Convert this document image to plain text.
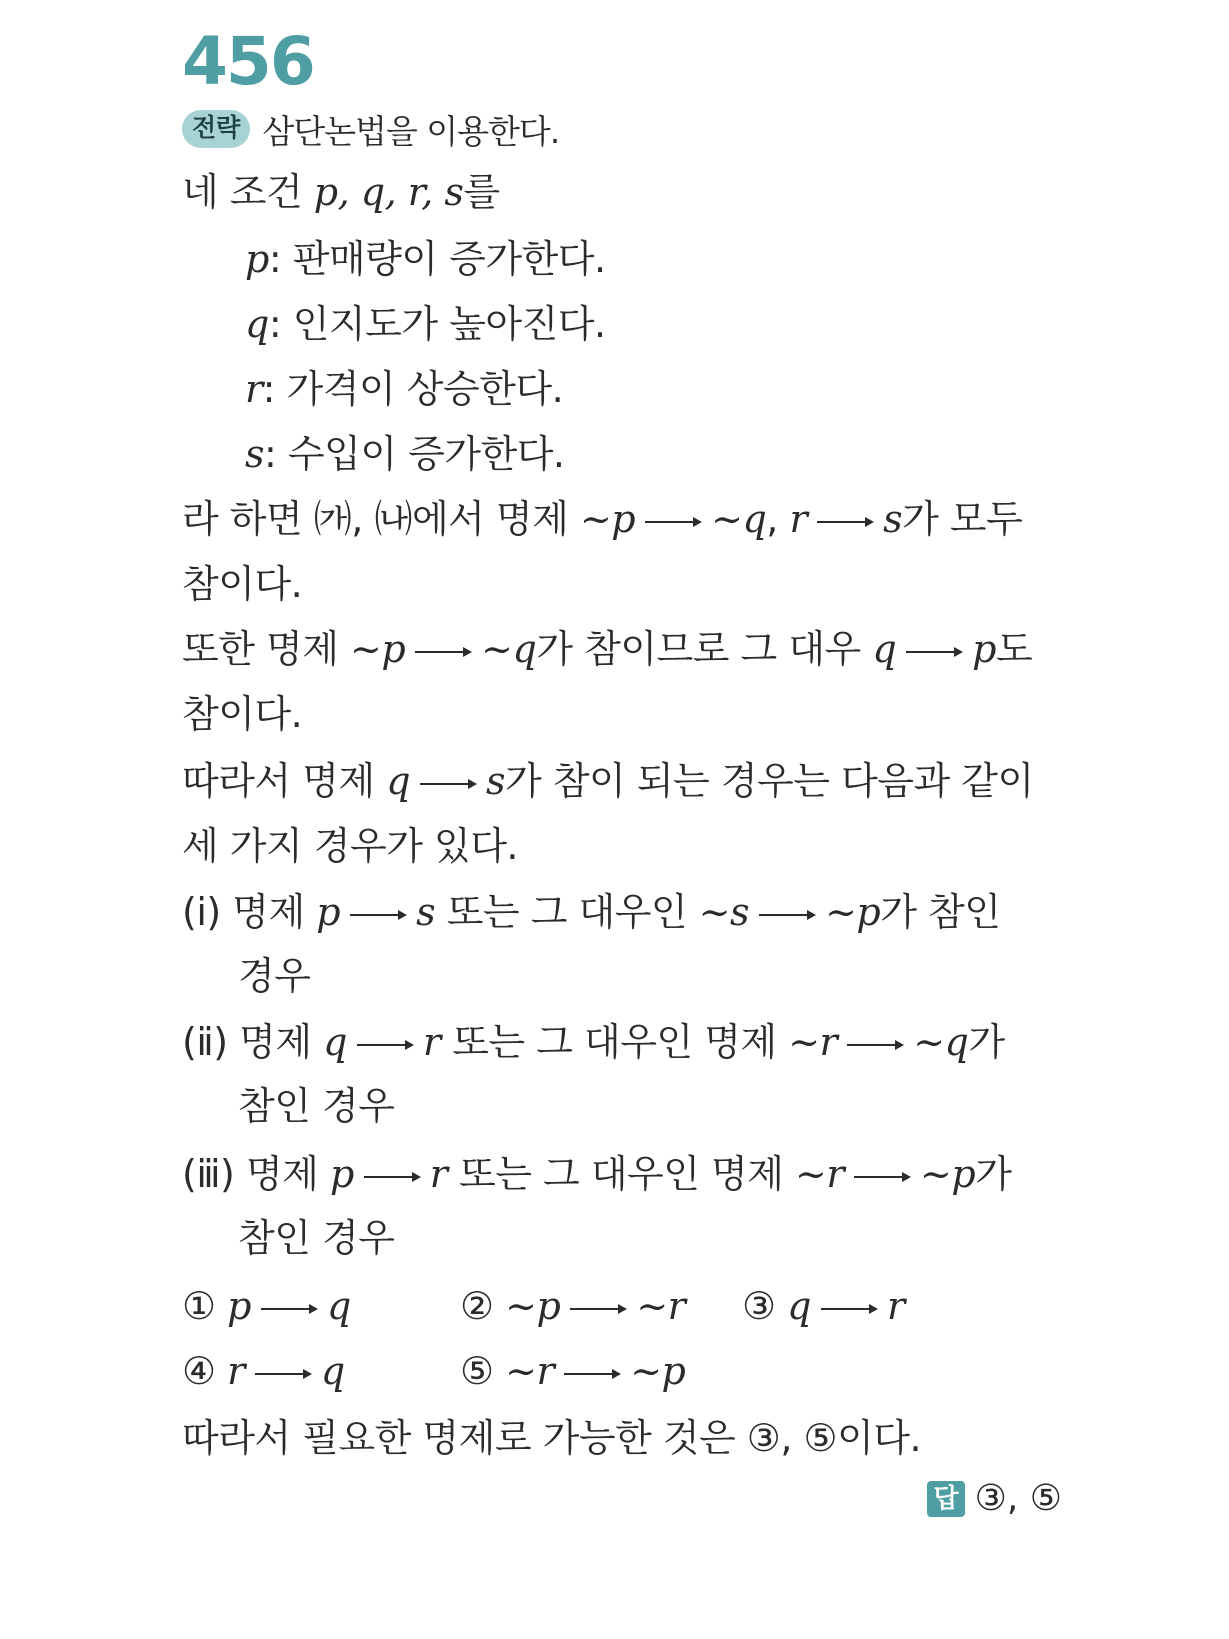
456
전략 삼단논법을 이용한다.
네 조건 p, q, r, s를
p: 판매량이 증가한다.
q: 인지도가 높아진다.
r: 가격이 상승한다.
s: 수입이 증가한다.
라 하면 ㈎, ㈏에서 명제 ~p ~q, r s가 모두
참이다.
또한 명제 ~p ~q가 참이므로 그 대우 q p도
참이다.
따라서 명제 q s가 참이 되는 경우는 다음과 같이
세 가지 경우가 있다.
(ⅰ) 명제 p s 또는 그 대우인 ~s ~p가 참인
경우
(ⅱ) 명제 q r 또는 그 대우인 명제 ~r ~q가
참인 경우
(ⅲ) 명제 p r 또는 그 대우인 명제 ~r ~p가
참인 경우
① p q	② ~p ~r ③ q r
④ r q	⑤ ~r ~p
따라서 필요한 명제로 가능한 것은 ③, ⑤이다.
답 ③, ⑤
